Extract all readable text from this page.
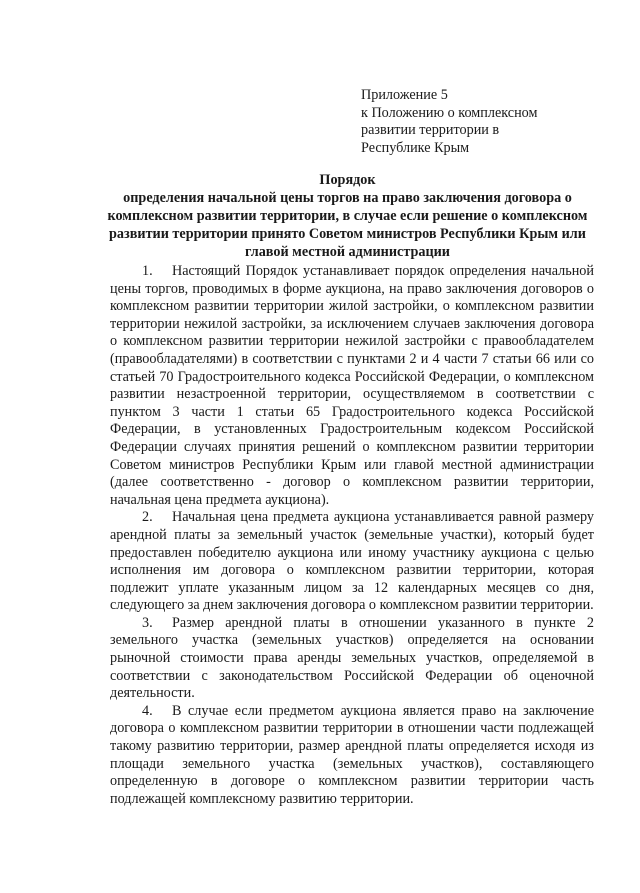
Приложение 5
к Положению о комплексном
развитии территории в
Республике Крым
Порядок
определения начальной цены торгов на право заключения договора о
комплексном развитии территории, в случае если решение о комплексном
развитии территории принято Советом министров Республики Крым или
главой местной администрации

1. Настоящий Порядок устанавливает порядок определения начальной цены торгов, проводимых в форме аукциона, на право заключения договоров о комплексном развитии территории жилой застройки, о комплексном развитии территории нежилой застройки, за исключением случаев заключения договора о комплексном развитии территории нежилой застройки с правообладателем (правообладателями) в соответствии с пунктами 2 и 4 части 7 статьи 66 или со статьей 70 Градостроительного кодекса Российской Федерации, о комплексном развитии незастроенной территории, осуществляемом в соответствии с пунктом 3 части 1 статьи 65 Градостроительного кодекса Российской Федерации, в установленных Градостроительным кодексом Российской Федерации случаях принятия решений о комплексном развитии территории Советом министров Республики Крым или главой местной администрации (далее соответственно - договор о комплексном развитии территории, начальная цена предмета аукциона).

2. Начальная цена предмета аукциона устанавливается равной размеру арендной платы за земельный участок (земельные участки), который будет предоставлен победителю аукциона или иному участнику аукциона с целью исполнения им договора о комплексном развитии территории, которая подлежит уплате указанным лицом за 12 календарных месяцев со дня, следующего за днем заключения договора о комплексном развитии территории.

3. Размер арендной платы в отношении указанного в пункте 2 земельного участка (земельных участков) определяется на основании рыночной стоимости права аренды земельных участков, определяемой в соответствии с законодательством Российской Федерации об оценочной деятельности.

4. В случае если предметом аукциона является право на заключение договора о комплексном развитии территории в отношении части подлежащей такому развитию территории, размер арендной платы определяется исходя из площади земельного участка (земельных участков), составляющего определенную в договоре о комплексном развитии территории часть подлежащей комплексному развитию территории.
